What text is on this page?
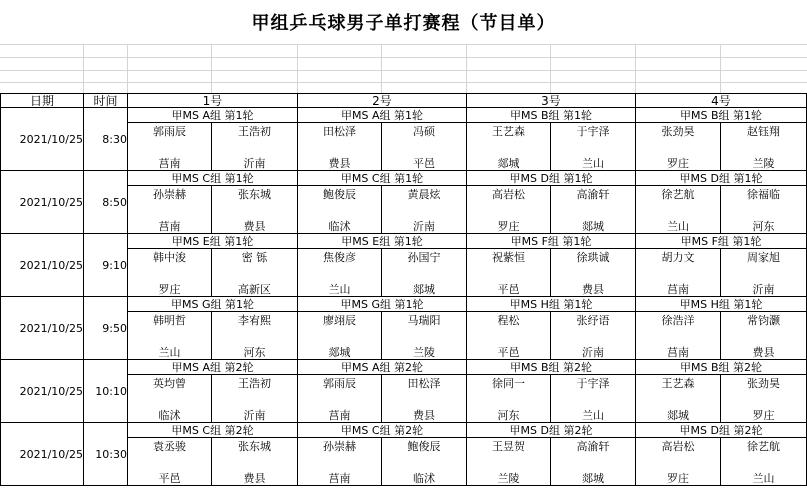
甲组乒乓球男子单打赛程（节目单）
日期	时间	1号		2号		3号		4号	
2021/10/25	8:30	甲MS A组 第1轮		甲MS A组 第1轮		甲MS B组 第1轮		甲MS B组 第1轮	
		郭雨辰	王浩初	田松泽	冯硕	王艺森	于宇泽	张劲昊	赵钰翔

		莒南	沂南	费县	平邑	郯城	兰山	罗庄	兰陵
2021/10/25	8:50	甲MS C组 第1轮		甲MS C组 第1轮		甲MS D组 第1轮		甲MS D组 第1轮	
		孙崇赫	张东城	鲍俊辰	黄晨炫	高岩松	高渝轩	徐艺航	徐福临

		莒南	费县	临沭	沂南	罗庄	郯城	兰山	河东
2021/10/25	9:10	甲MS E组 第1轮		甲MS E组 第1轮		甲MS F组 第1轮		甲MS F组 第1轮	
		韩中浚	密 铄	焦俊彦	孙国宁	祝紫恒	徐珙诚	胡力文	周家旭

		罗庄	高新区	兰山	郯城	平邑	费县	莒南	沂南
2021/10/25	9:50	甲MS G组 第1轮		甲MS G组 第1轮		甲MS H组 第1轮		甲MS H组 第1轮	
		韩明哲	李宥熙	廖翊辰	马瑞阳	程松	张纾语	徐浩洋	常钧灏

		兰山	河东	郯城	兰陵	平邑	沂南	莒南	费县
2021/10/25	10:10	甲MS A组 第2轮		甲MS A组 第2轮		甲MS B组 第2轮		甲MS B组 第2轮	
		英均曾	王浩初	郭雨辰	田松泽	徐同一	于宇泽	王艺森	张劲昊

		临沭	沂南	莒南	费县	河东	兰山	郯城	罗庄
2021/10/25	10:30	甲MS C组 第2轮		甲MS C组 第2轮		甲MS D组 第2轮		甲MS D组 第2轮	
		袁丞骏	张东城	孙崇赫	鲍俊辰	王昱贺	高渝轩	高岩松	徐艺航

		平邑	费县	莒南	临沭	兰陵	郯城	罗庄	兰山
